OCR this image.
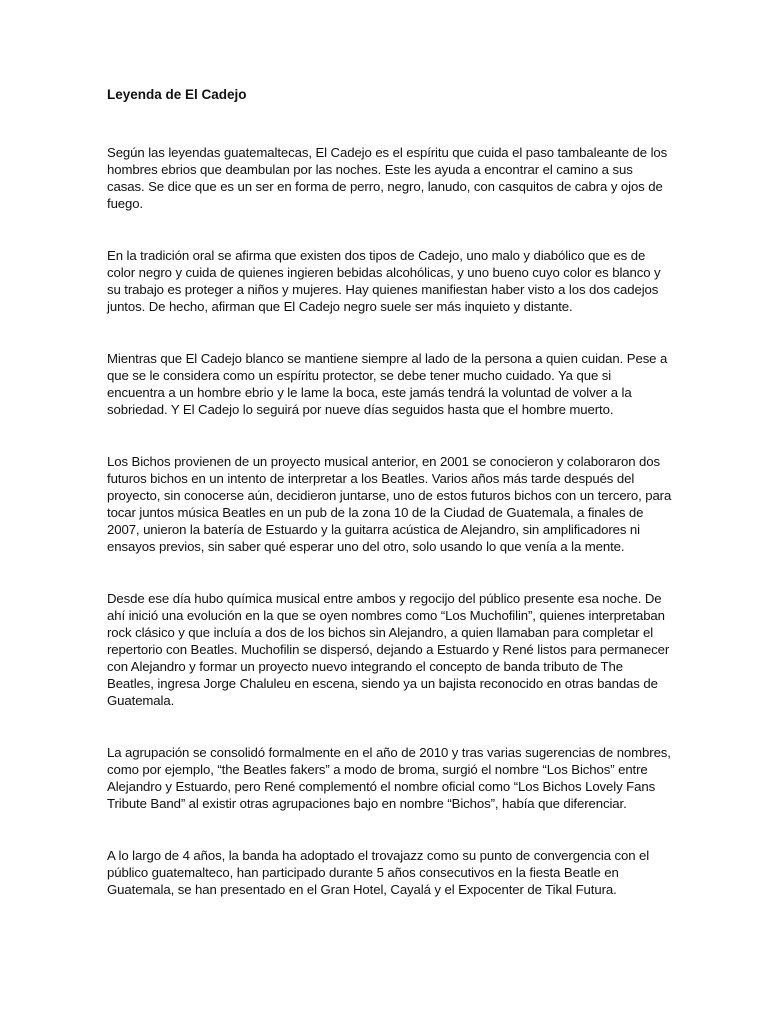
Leyenda de El Cadejo

Según las leyendas guatemaltecas, El Cadejo es el espíritu que cuida el paso tambaleante de los hombres ebrios que deambulan por las noches. Este les ayuda a encontrar el camino a sus casas. Se dice que es un ser en forma de perro, negro, lanudo, con casquitos de cabra y ojos de fuego.

En la tradición oral se afirma que existen dos tipos de Cadejo, uno malo y diabólico que es de color negro y cuida de quienes ingieren bebidas alcohólicas, y uno bueno cuyo color es blanco y su trabajo es proteger a niños y mujeres. Hay quienes manifiestan haber visto a los dos cadejos juntos. De hecho, afirman que El Cadejo negro suele ser más inquieto y distante.

Mientras que El Cadejo blanco se mantiene siempre al lado de la persona a quien cuidan. Pese a que se le considera como un espíritu protector, se debe tener mucho cuidado. Ya que si encuentra a un hombre ebrio y le lame la boca, este jamás tendrá la voluntad de volver a la sobriedad. Y El Cadejo lo seguirá por nueve días seguidos hasta que el hombre muerto.

Los Bichos provienen de un proyecto musical anterior, en 2001 se conocieron y colaboraron dos futuros bichos en un intento de interpretar a los Beatles. Varios años más tarde después del proyecto, sin conocerse aún, decidieron juntarse, uno de estos futuros bichos con un tercero, para tocar juntos música Beatles en un pub de la zona 10 de la Ciudad de Guatemala, a finales de 2007, unieron la batería de Estuardo y la guitarra acústica de Alejandro, sin amplificadores ni ensayos previos, sin saber qué esperar uno del otro, solo usando lo que venía a la mente.

Desde ese día hubo química musical entre ambos y regocijo del público presente esa noche. De ahí inició una evolución en la que se oyen nombres como “Los Muchofilin”, quienes interpretaban rock clásico y que incluía a dos de los bichos sin Alejandro, a quien llamaban para completar el repertorio con Beatles. Muchofilin se dispersó, dejando a Estuardo y René listos para permanecer con Alejandro y formar un proyecto nuevo integrando el concepto de banda tributo de The Beatles, ingresa Jorge Chaluleu en escena, siendo ya un bajista reconocido en otras bandas de Guatemala.

La agrupación se consolidó formalmente en el año de 2010 y tras varias sugerencias de nombres, como por ejemplo, “the Beatles fakers” a modo de broma, surgió el nombre “Los Bichos” entre Alejandro y Estuardo, pero René complementó el nombre oficial como “Los Bichos Lovely Fans Tribute Band” al existir otras agrupaciones bajo en nombre “Bichos”, había que diferenciar.

A lo largo de 4 años, la banda ha adoptado el trovajazz como su punto de convergencia con el público guatemalteco, han participado durante 5 años consecutivos en la fiesta Beatle en Guatemala, se han presentado en el Gran Hotel, Cayalá y el Expocenter de Tikal Futura.
